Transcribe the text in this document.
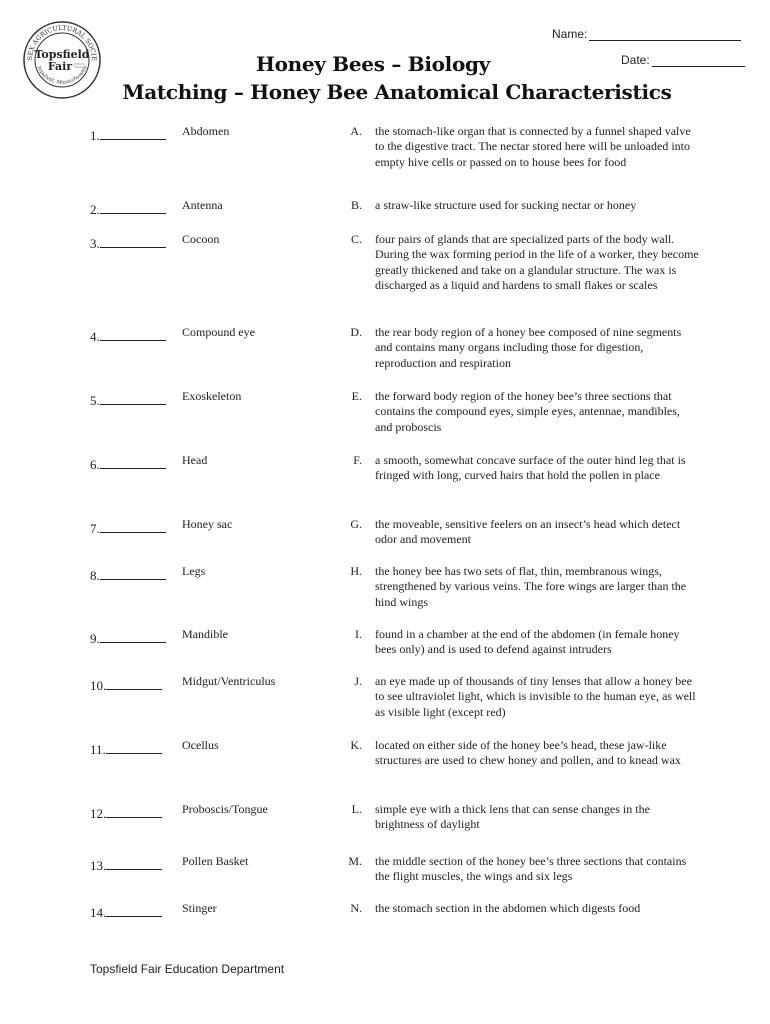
SEX AGRICULTURAL SOCIE
Topsfield, Massachusetts
Topsfield
Fair
Name:
Date:
Honey Bees – Biology
Matching – Honey Bee Anatomical Characteristics
1.	Abdomen	A. the stomach-like organ that is connected by a funnel shaped valve to the digestive tract. The nectar stored here will be unloaded into empty hive cells or passed on to house bees for food
2.	Antenna	B. a straw-like structure used for sucking nectar or honey
3.	Cocoon	C. four pairs of glands that are specialized parts of the body wall. During the wax forming period in the life of a worker, they become greatly thickened and take on a glandular structure. The wax is discharged as a liquid and hardens to small flakes or scales
4.	Compound eye	D. the rear body region of a honey bee composed of nine segments and contains many organs including those for digestion, reproduction and respiration
5.	Exoskeleton	E. the forward body region of the honey bee’s three sections that contains the compound eyes, simple eyes, antennae, mandibles, and proboscis
6.	Head	F. a smooth, somewhat concave surface of the outer hind leg that is fringed with long, curved hairs that hold the pollen in place
7.	Honey sac	G. the moveable, sensitive feelers on an insect’s head which detect odor and movement
8.	Legs	H. the honey bee has two sets of flat, thin, membranous wings, strengthened by various veins. The fore wings are larger than the hind wings
9.	Mandible	I. found in a chamber at the end of the abdomen (in female honey bees only) and is used to defend against intruders
10.	Midgut/Ventriculus	J. an eye made up of thousands of tiny lenses that allow a honey bee to see ultraviolet light, which is invisible to the human eye, as well as visible light (except red)
11.	Ocellus	K. located on either side of the honey bee’s head, these jaw-like structures are used to chew honey and pollen, and to knead wax
12.	Proboscis/Tongue	L. simple eye with a thick lens that can sense changes in the brightness of daylight
13.	Pollen Basket	M. the middle section of the honey bee’s three sections that contains the flight muscles, the wings and six legs
14.	Stinger	N. the stomach section in the abdomen which digests food
Topsfield Fair Education Department
